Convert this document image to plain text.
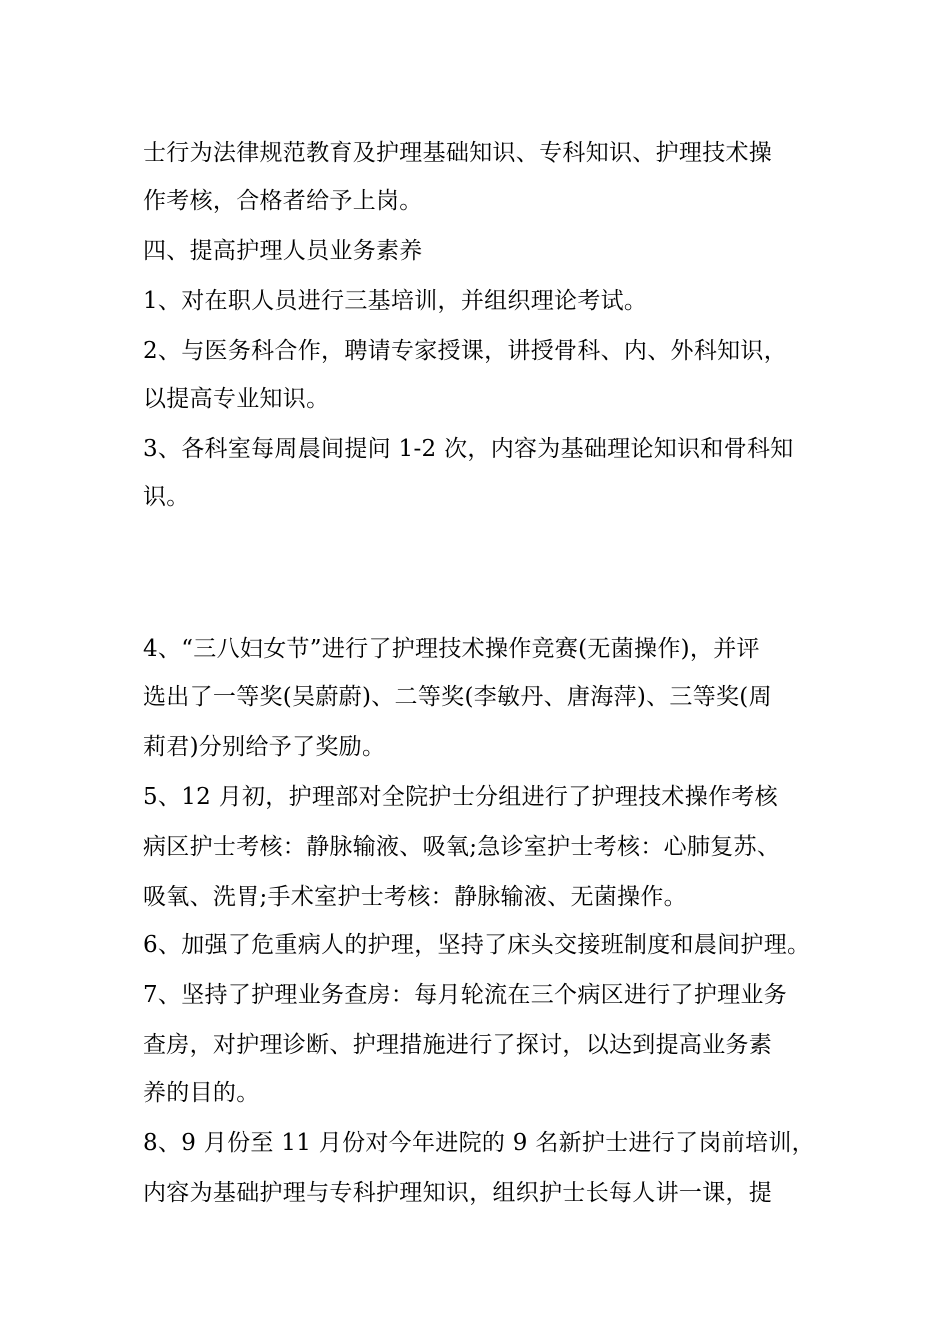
士行为法律规范教育及护理基础知识、专科知识、护理技术操
作考核，合格者给予上岗。
四、提高护理人员业务素养
1、对在职人员进行三基培训，并组织理论考试。
2、与医务科合作，聘请专家授课，讲授骨科、内、外科知识，
以提高专业知识。
3、各科室每周晨间提问 1-2 次，内容为基础理论知识和骨科知
识。
4、“三八妇女节”进行了护理技术操作竞赛(无菌操作)，并评
选出了一等奖(吴蔚蔚)、二等奖(李敏丹、唐海萍)、三等奖(周
莉君)分别给予了奖励。
5、12 月初，护理部对全院护士分组进行了护理技术操作考核
病区护士考核：静脉输液、吸氧;急诊室护士考核：心肺复苏、
吸氧、洗胃;手术室护士考核：静脉输液、无菌操作。
6、加强了危重病人的护理，坚持了床头交接班制度和晨间护理。
7、坚持了护理业务查房：每月轮流在三个病区进行了护理业务
查房，对护理诊断、护理措施进行了探讨，以达到提高业务素
养的目的。
8、9 月份至 11 月份对今年进院的 9 名新护士进行了岗前培训，
内容为基础护理与专科护理知识，组织护士长每人讲一课，提
